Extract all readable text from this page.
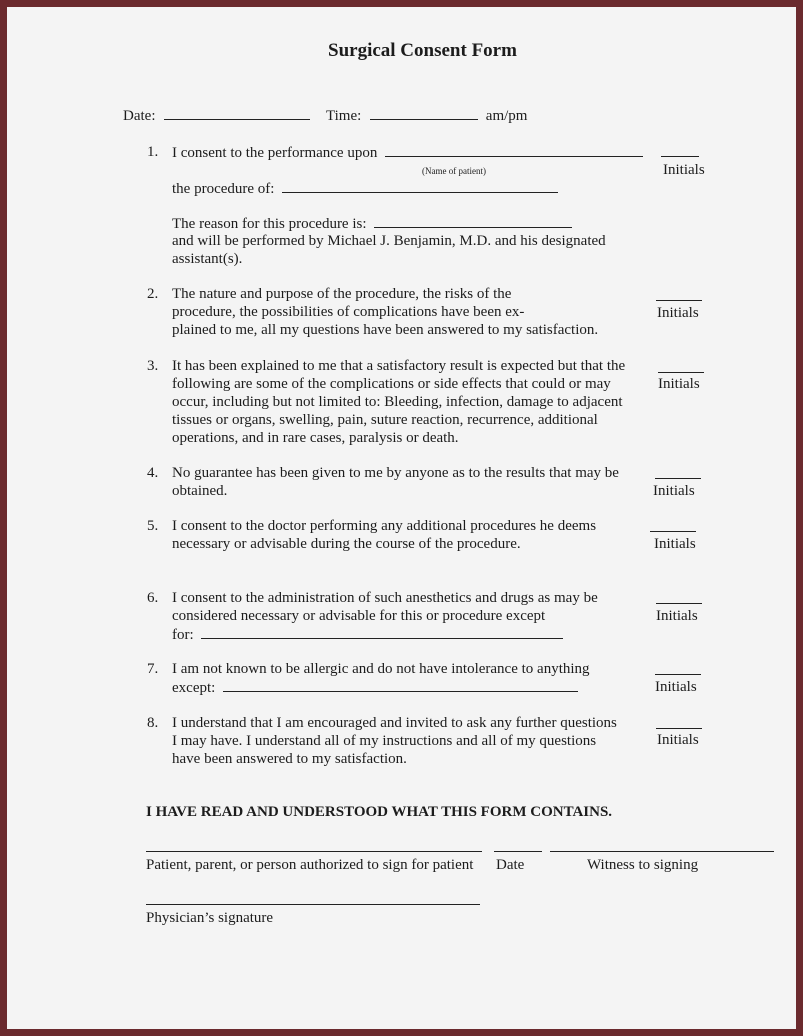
Surgical Consent Form
Date:	Time:	am/pm
1. I consent to the performance upon
(Name of patient)	Initials
the procedure of:
The reason for this procedure is:
and will be performed by Michael J. Benjamin, M.D. and his designated
assistant(s).
2. The nature and purpose of the procedure, the risks of the
procedure, the possibilities of complications have been ex-
plained to me, all my questions have been answered to my satisfaction.
Initials
3. It has been explained to me that a satisfactory result is expected but that the
following are some of the complications or side effects that could or may
occur, including but not limited to: Bleeding, infection, damage to adjacent
tissues or organs, swelling, pain, suture reaction, recurrence, additional
operations, and in rare cases, paralysis or death.
Initials
4. No guarantee has been given to me by anyone as to the results that may be
obtained.	Initials
5. I consent to the doctor performing any additional procedures he deems
necessary or advisable during the course of the procedure.	Initials
6. I consent to the administration of such anesthetics and drugs as may be
considered necessary or advisable for this or procedure except
for:
Initials
7. I am not known to be allergic and do not have intolerance to anything
except:	Initials
8. I understand that I am encouraged and invited to ask any further questions
I may have. I understand all of my instructions and all of my questions
have been answered to my satisfaction.
Initials
I HAVE READ AND UNDERSTOOD WHAT THIS FORM CONTAINS.
Patient, parent, or person authorized to sign for patient Date	Witness to signing
Physician’s signature
